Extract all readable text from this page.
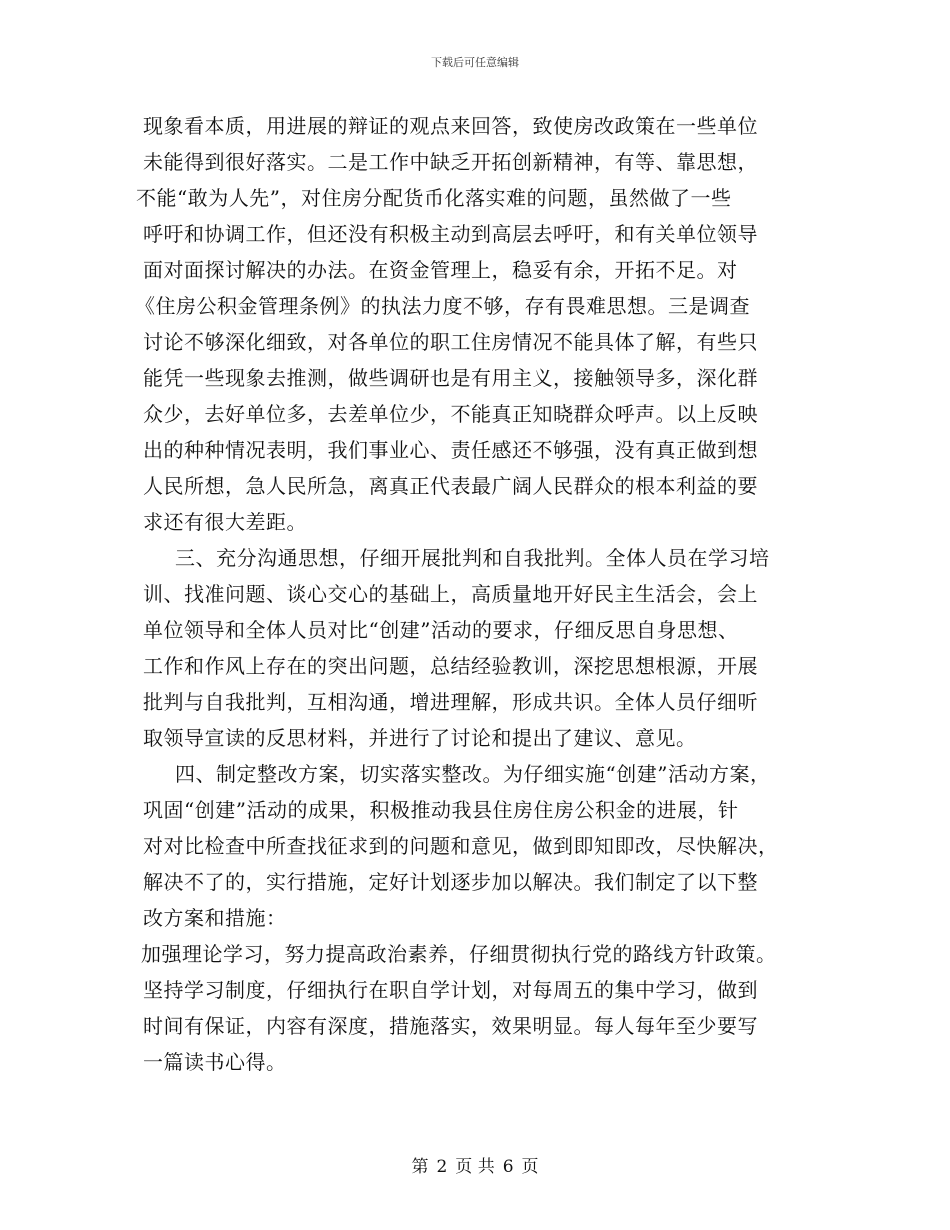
下载后可任意编辑
现象看本质，用进展的辩证的观点来回答，致使房改政策在一些单位
未能得到很好落实。二是工作中缺乏开拓创新精神，有等、靠思想，
不能“敢为人先”，对住房分配货币化落实难的问题，虽然做了一些
呼吁和协调工作，但还没有积极主动到高层去呼吁，和有关单位领导
面对面探讨解决的办法。在资金管理上，稳妥有余，开拓不足。对
《住房公积金管理条例》的执法力度不够，存有畏难思想。三是调查
讨论不够深化细致，对各单位的职工住房情况不能具体了解，有些只
能凭一些现象去推测，做些调研也是有用主义，接触领导多，深化群
众少，去好单位多，去差单位少，不能真正知晓群众呼声。以上反映
出的种种情况表明，我们事业心、责任感还不够强，没有真正做到想
人民所想，急人民所急，离真正代表最广阔人民群众的根本利益的要
求还有很大差距。
三、充分沟通思想，仔细开展批判和自我批判。全体人员在学习培
训、找准问题、谈心交心的基础上，高质量地开好民主生活会，会上
单位领导和全体人员对比“创建”活动的要求，仔细反思自身思想、
工作和作风上存在的突出问题，总结经验教训，深挖思想根源，开展
批判与自我批判，互相沟通，增进理解，形成共识。全体人员仔细听
取领导宣读的反思材料，并进行了讨论和提出了建议、意见。
四、制定整改方案，切实落实整改。为仔细实施“创建”活动方案，
巩固“创建”活动的成果，积极推动我县住房住房公积金的进展，针
对对比检查中所查找征求到的问题和意见，做到即知即改，尽快解决，
解决不了的，实行措施，定好计划逐步加以解决。我们制定了以下整
改方案和措施：
加强理论学习，努力提高政治素养，仔细贯彻执行党的路线方针政策。
坚持学习制度，仔细执行在职自学计划，对每周五的集中学习，做到
时间有保证，内容有深度，措施落实，效果明显。每人每年至少要写
一篇读书心得。
第 2 页 共 6 页
